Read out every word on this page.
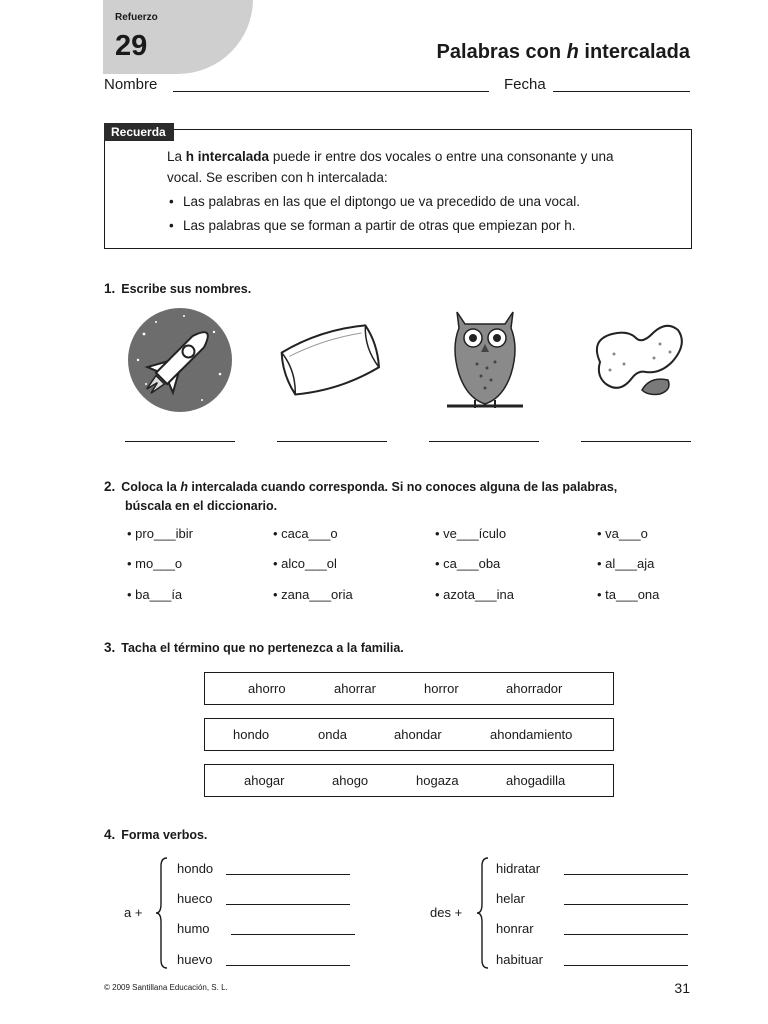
Refuerzo
29	Palabras con h intercalada
Nombre	Fecha
Recuerda
La h intercalada puede ir entre dos vocales o entre una consonante y una vocal. Se escriben con h intercalada:
• Las palabras en las que el diptongo ue va precedido de una vocal.
• Las palabras que se forman a partir de otras que empiezan por h.
1. Escribe sus nombres.
2. Coloca la h intercalada cuando corresponda. Si no conoces alguna de las palabras,
búscala en el diccionario.
• pro___ibir	• caca___o	• ve___ículo	• va___o
• mo___o	• alco___ol	• ca___oba	• al___aja
• ba___ía	• zana___oria	• azota___ina	• ta___ona
3. Tacha el término que no pertenezca a la familia.
ahorro	ahorrar	horror	ahorrador
hondo	onda	ahondar	ahondamiento
ahogar	ahogo	hogaza	ahogadilla
4. Forma verbos.
a +
hondo
hueco
humo
huevo
des +
hidratar
helar
honrar
habituar
© 2009 Santillana Educación, S. L.	31
